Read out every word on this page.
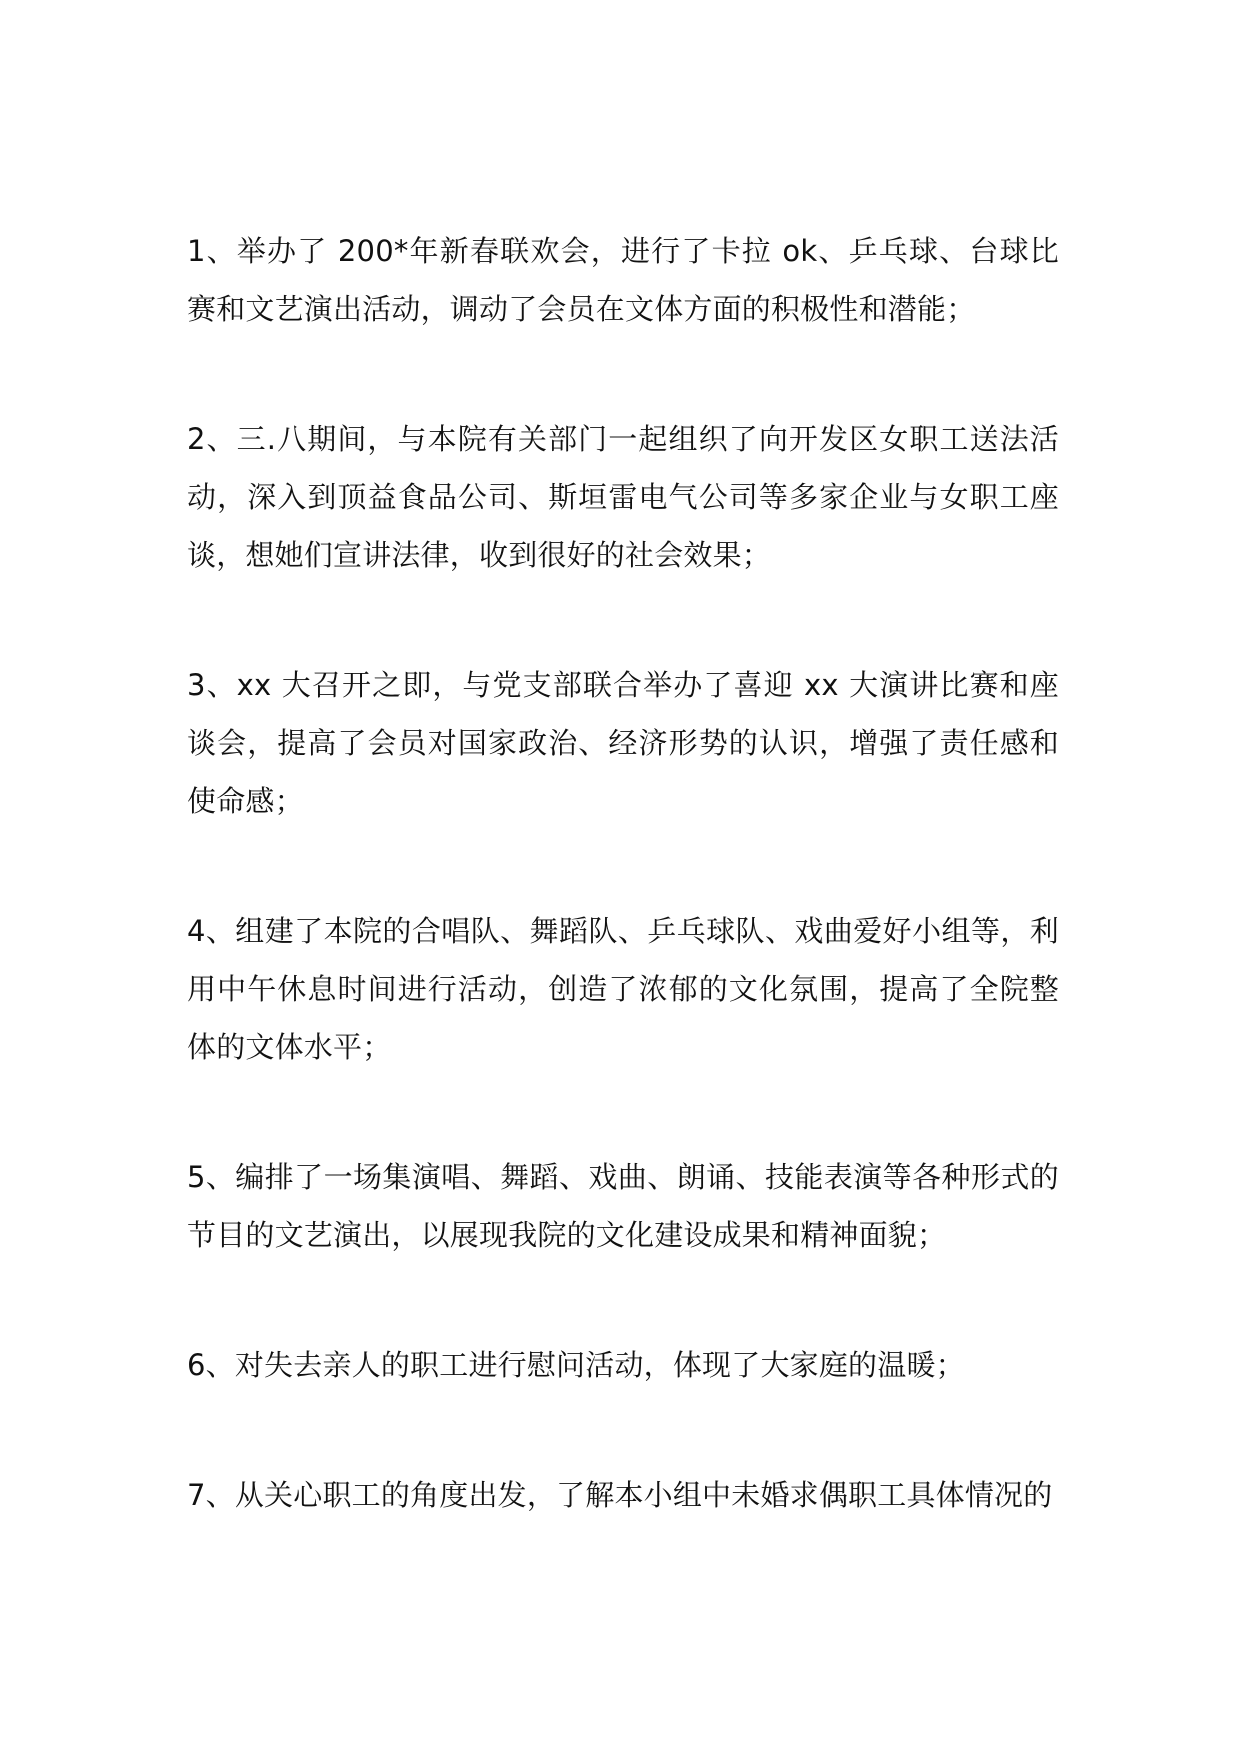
1、举办了 200*年新春联欢会，进行了卡拉 ok、乒乓球、台球比赛和文艺演出活动，调动了会员在文体方面的积极性和潜能；

2、三.八期间，与本院有关部门一起组织了向开发区女职工送法活动，深入到顶益食品公司、斯垣雷电气公司等多家企业与女职工座谈，想她们宣讲法律，收到很好的社会效果；

3、xx 大召开之即，与党支部联合举办了喜迎 xx 大演讲比赛和座谈会，提高了会员对国家政治、经济形势的认识，增强了责任感和使命感；

4、组建了本院的合唱队、舞蹈队、乒乓球队、戏曲爱好小组等，利用中午休息时间进行活动，创造了浓郁的文化氛围，提高了全院整体的文体水平；

5、编排了一场集演唱、舞蹈、戏曲、朗诵、技能表演等各种形式的节目的文艺演出，以展现我院的文化建设成果和精神面貌；

6、对失去亲人的职工进行慰问活动，体现了大家庭的温暖；

7、从关心职工的角度出发，了解本小组中未婚求偶职工具体情况的
